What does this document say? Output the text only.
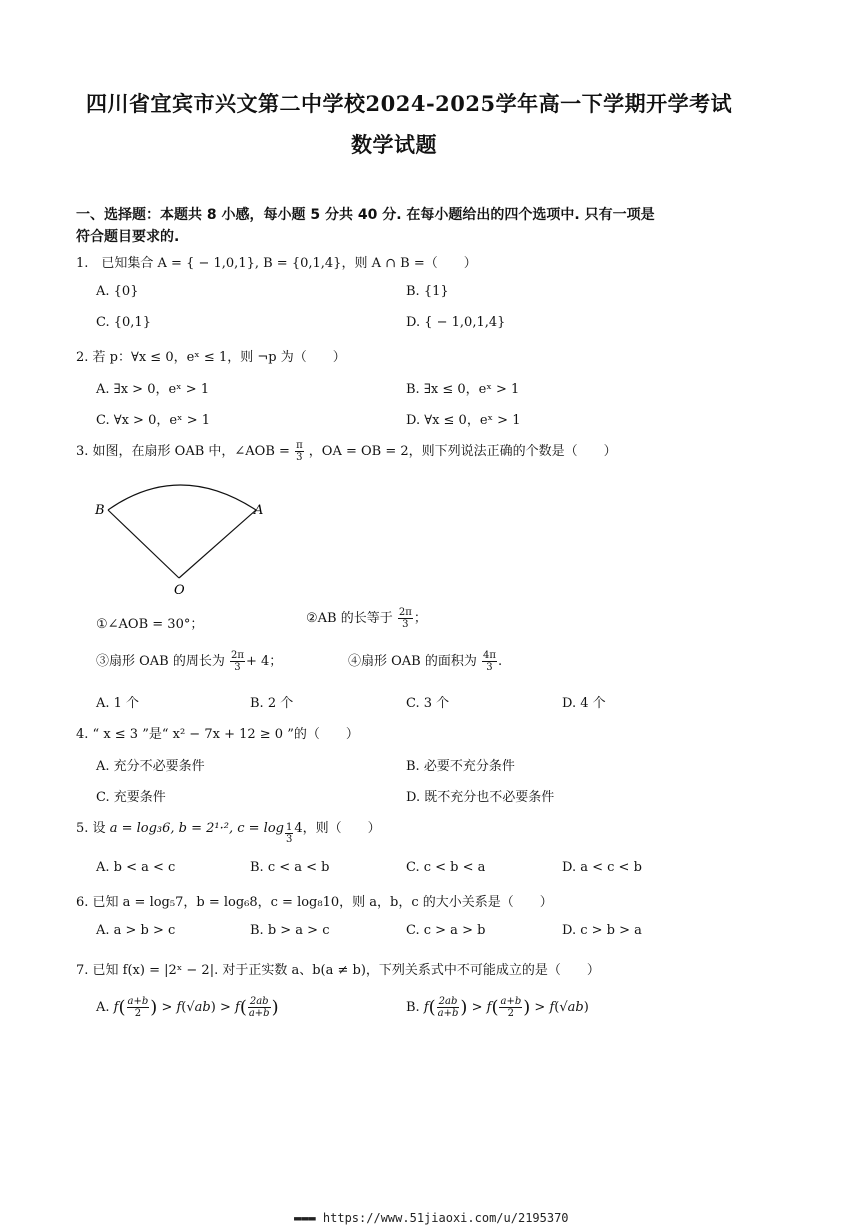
四川省宜宾市兴文第二中学校2024-2025学年高一下学期开学考试
数学试题
一、选择题：本题共 8 小感，每小题 5 分共 40 分. 在每小题给出的四个选项中. 只有一项是
符合题目要求的.
1.　已知集合 A = { − 1,0,1}, B = {0,1,4}，则 A ∩ B =（　　）
A. {0}	B. {1}
C. {0,1}	D. { − 1,0,1,4}
2. 若 p：∀x ≤ 0，eˣ ≤ 1，则 ¬p 为（　　）
A. ∃x > 0，eˣ > 1	B. ∃x ≤ 0，eˣ > 1
C. ∀x > 0，eˣ > 1	D. ∀x ≤ 0，eˣ > 1
3. 如图，在扇形 OAB 中，∠AOB = $\frac{\pi}{3}$ ，OA = OB = 2，则下列说法正确的个数是（　　）
B	A
O
①∠AOB = 30°；	②AB 的长等于 $\frac{2\pi}{3}$ ；
③扇形 OAB 的周长为 $\frac{2\pi}{3} + 4$；	④扇形 OAB 的面积为 $\frac{4\pi}{3}$ .
A. 1 个	B. 2 个	C. 3 个	D. 4 个
4. “ x ≤ 3 ”是“ x² − 7x + 12 ≥ 0 ”的（　　）
A. 充分不必要条件	B. 必要不充分条件
C. 充要条件	D. 既不充分也不必要条件
5. 设 a = log₃6, b = 2¹·², $c = \log \frac{1}{3} 4$，则（　　）
A. b < a < c	B. c < a < b	C. c < b < a	D. a < c < b
6. 已知 a = log₅7，b = log₆8，c = log₈10，则 a，b，c 的大小关系是（　　）
A. a > b > c	B. b > a > c	C. c > a > b	D. c > b > a
7. 已知 f(x) = |2ˣ − 2|. 对于正实数 a、b(a ≠ b)，下列关系式中不可能成立的是（　　）
A. $f( \frac{a+b}{2}$ ) > $f(√ab) > f( \frac{2ab}{a+b}$ )	B. $f( \frac{2ab}{a+b}$ ) > $f( \frac{a+b}{2}$ ) > f(√ab)
▬▬▬ https://www.51jiaoxi.com/u/2195370
